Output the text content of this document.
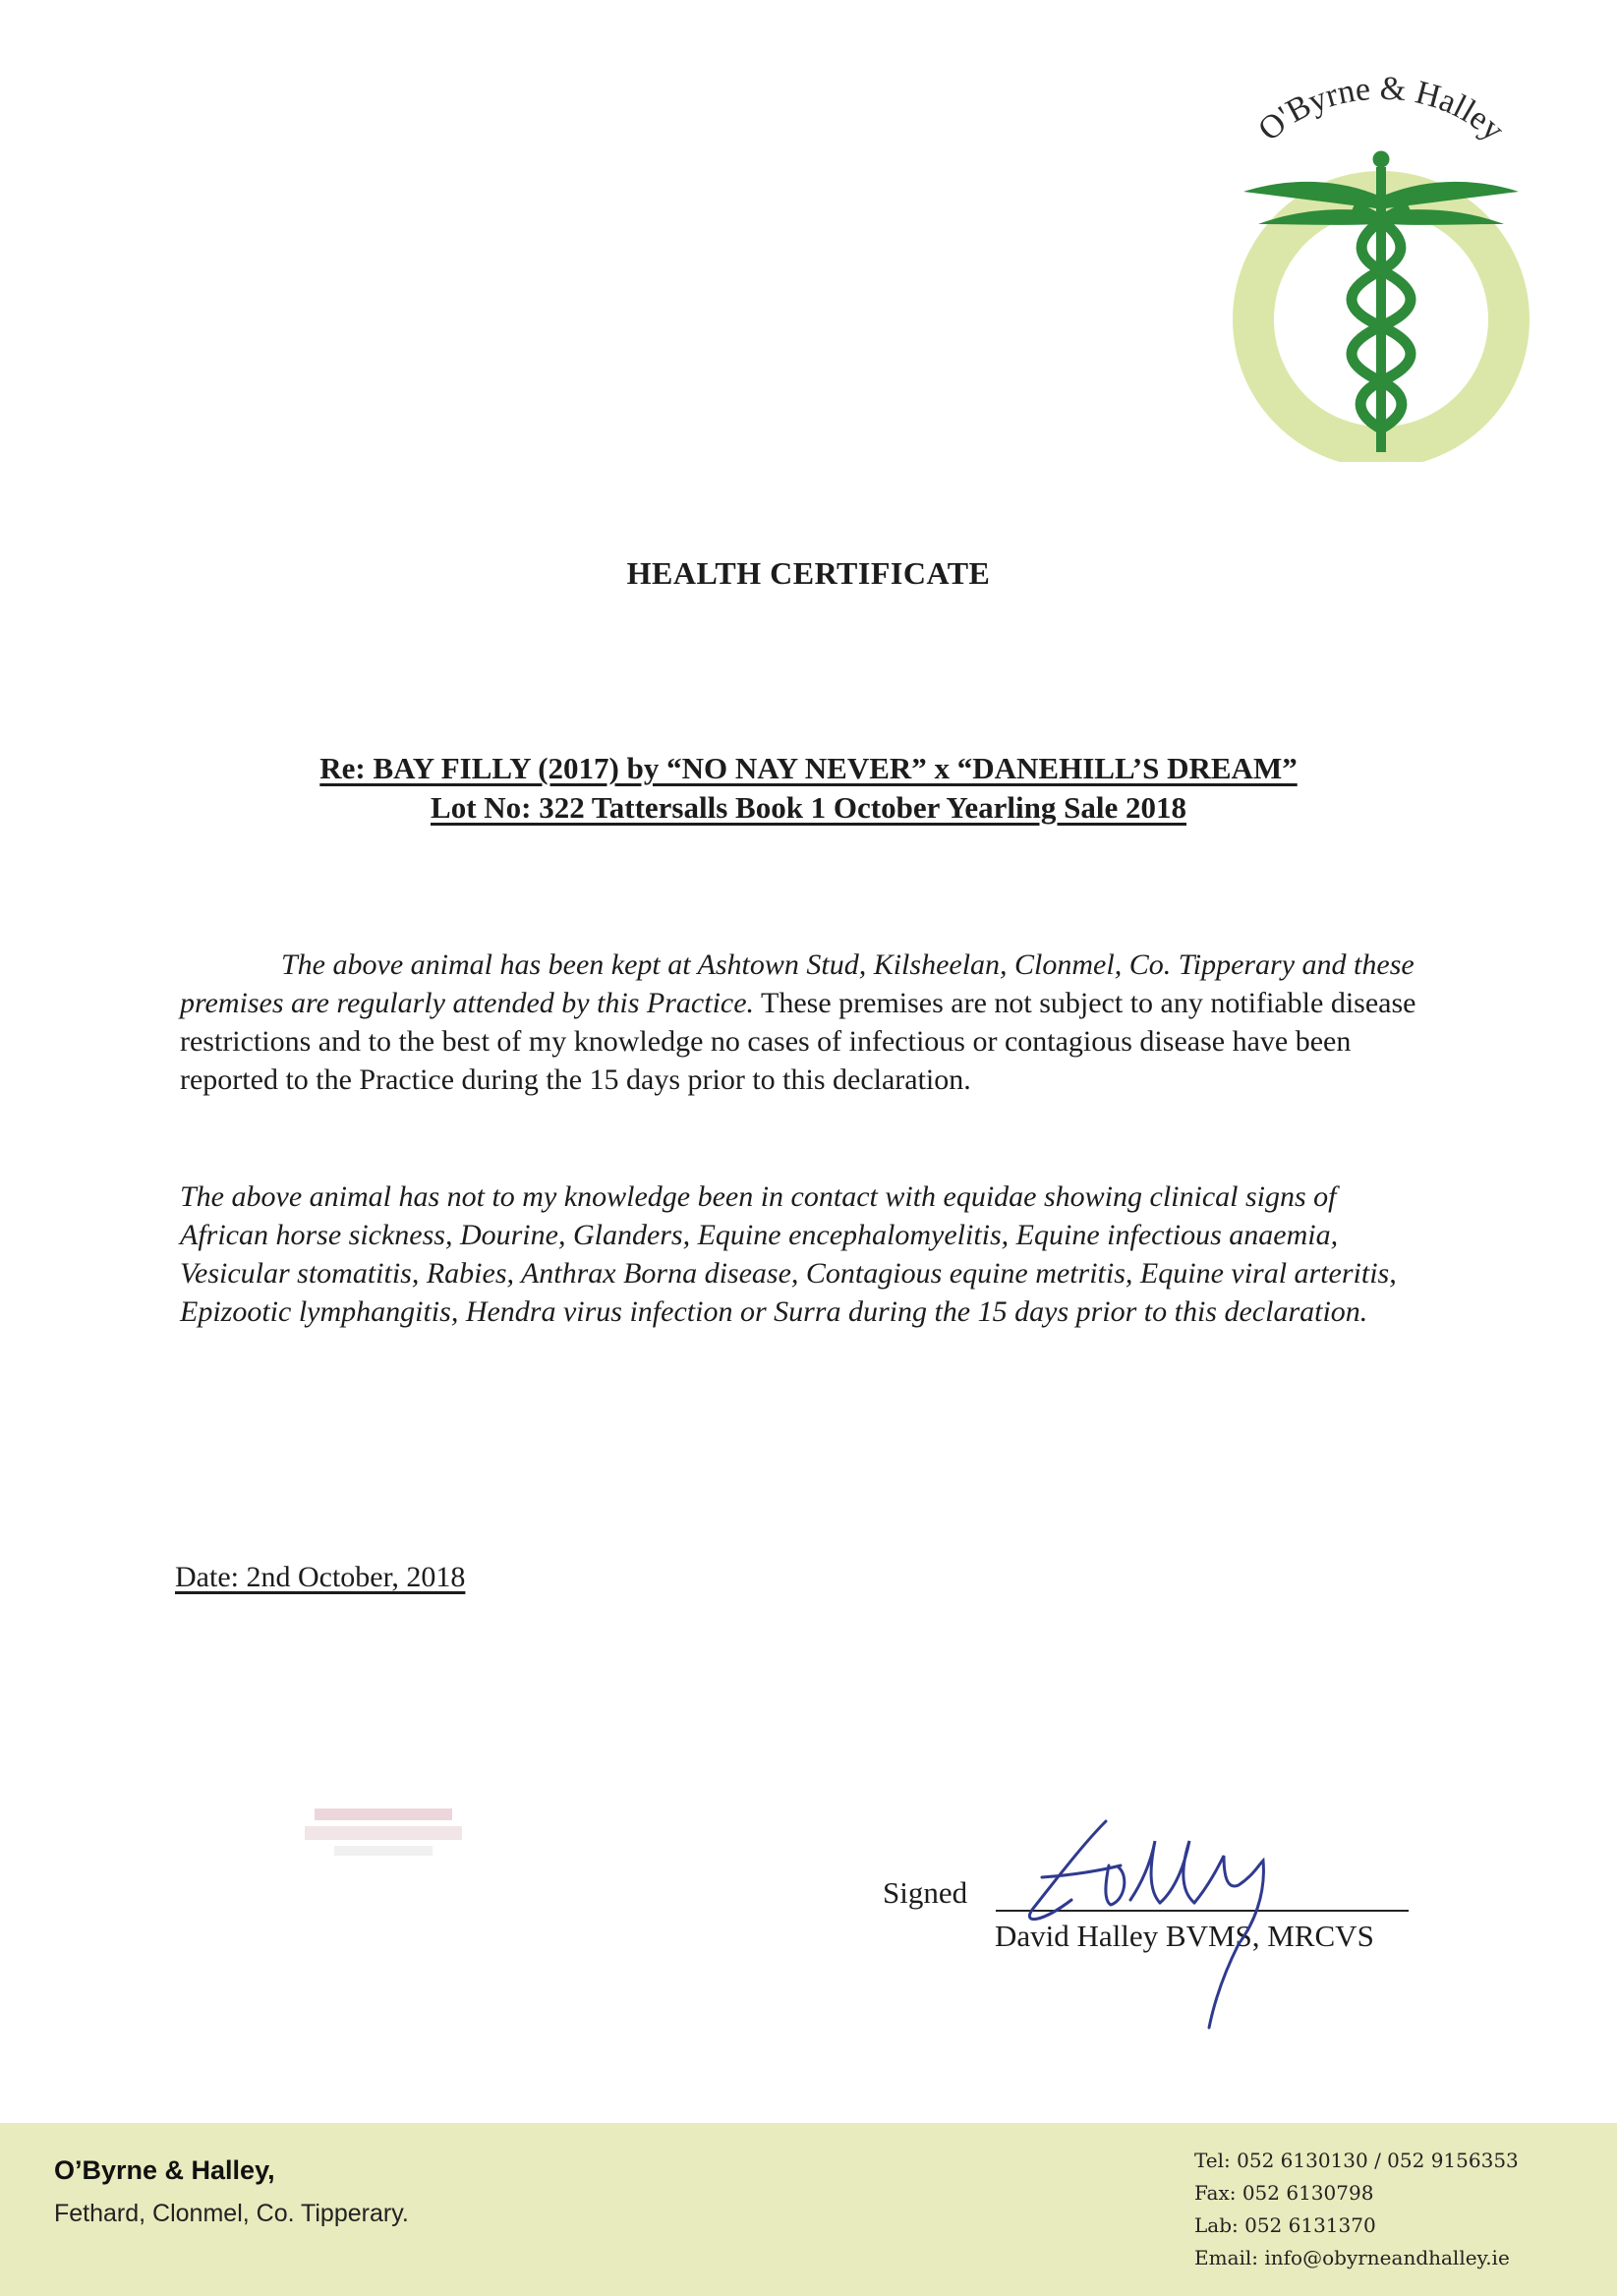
O'Byrne & Halley
HEALTH CERTIFICATE
Re: BAY FILLY (2017) by “NO NAY NEVER” x “DANEHILL’S DREAM”
Lot No: 322 Tattersalls Book 1 October Yearling Sale 2018
The above animal has been kept at Ashtown Stud, Kilsheelan, Clonmel, Co. Tipperary and these premises are regularly attended by this Practice. These premises are not subject to any notifiable disease restrictions and to the best of my knowledge no cases of infectious or contagious disease have been reported to the Practice during the 15 days prior to this declaration.
The above animal has not to my knowledge been in contact with equidae showing clinical signs of African horse sickness, Dourine, Glanders, Equine encephalomyelitis, Equine infectious anaemia, Vesicular stomatitis, Rabies, Anthrax Borna disease, Contagious equine metritis, Equine viral arteritis, Epizootic lymphangitis, Hendra virus infection or Surra during the 15 days prior to this declaration.
Date: 2nd October, 2018
Signed
David Halley BVMS, MRCVS
O’Byrne & Halley,
Fethard, Clonmel, Co. Tipperary.
Tel: 052 6130130 / 052 9156353
Fax: 052 6130798
Lab: 052 6131370
Email: info@obyrneandhalley.ie
